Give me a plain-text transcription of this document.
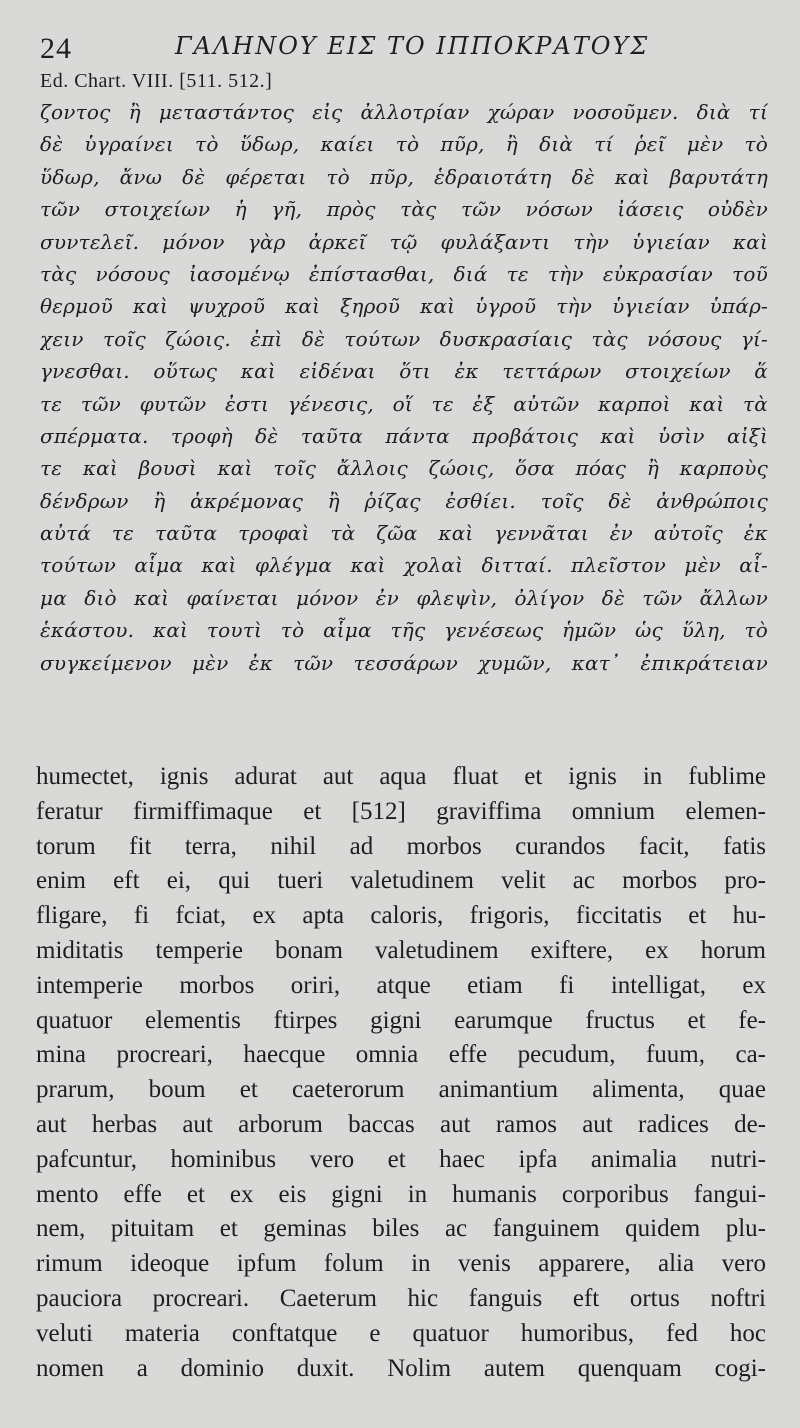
24	ΓΑΛΗΝΟΥ ΕΙΣ ΤΟ ΙΠΠΟΚΡΑΤΟΥΣ
Ed. Chart. VIII. [511. 512.]
ζοντος ἢ μεταστάντος εἰς ἀλλοτρίαν χώραν νοσοῦμεν. διὰ τί
δὲ ὑγραίνει τὸ ὕδωρ, καίει τὸ πῦρ, ἢ διὰ τί ῥεῖ μὲν τὸ
ὕδωρ, ἄνω δὲ φέρεται τὸ πῦρ, ἑδραιοτάτη δὲ καὶ βαρυτάτη
τῶν στοιχείων ἡ γῆ, πρὸς τὰς τῶν νόσων ἰάσεις οὐδὲν
συντελεῖ. μόνον γὰρ ἀρκεῖ τῷ φυλάξαντι τὴν ὑγιείαν καὶ
τὰς νόσους ἰασομένῳ ἐπίστασθαι, διά τε τὴν εὐκρασίαν τοῦ
θερμοῦ καὶ ψυχροῦ καὶ ξηροῦ καὶ ὑγροῦ τὴν ὑγιείαν ὑπάρ-
χειν τοῖς ζώοις. ἐπὶ δὲ τούτων δυσκρασίαις τὰς νόσους γί-
γνεσθαι. οὕτως καὶ εἰδέναι ὅτι ἐκ τεττάρων στοιχείων ἅ
τε τῶν φυτῶν ἐστι γένεσις, οἵ τε ἐξ αὐτῶν καρποὶ καὶ τὰ
σπέρματα. τροφὴ δὲ ταῦτα πάντα προβάτοις καὶ ὑσὶν αἰξὶ
τε καὶ βουσὶ καὶ τοῖς ἄλλοις ζώοις, ὅσα πόας ἢ καρποὺς
δένδρων ἢ ἀκρέμονας ἢ ῥίζας ἐσθίει. τοῖς δὲ ἀνθρώποις
αὐτά τε ταῦτα τροφαὶ τὰ ζῶα καὶ γεννᾶται ἐν αὐτοῖς ἐκ
τούτων αἷμα καὶ φλέγμα καὶ χολαὶ διτταί. πλεῖστον μὲν αἷ-
μα διὸ καὶ φαίνεται μόνον ἐν φλεψὶν, ὀλίγον δὲ τῶν ἄλλων
ἑκάστου. καὶ τουτὶ τὸ αἷμα τῆς γενέσεως ἡμῶν ὡς ὕλη, τὸ
συγκείμενον μὲν ἐκ τῶν τεσσάρων χυμῶν, κατ᾽ ἐπικράτειαν
humectet, ignis adurat aut aqua fluat et ignis in fublime
feratur firmiffimaque et [512] graviffima omnium elemen-
torum fit terra, nihil ad morbos curandos facit, fatis
enim eft ei, qui tueri valetudinem velit ac morbos pro-
fligare, fi fciat, ex apta caloris, frigoris, ficcitatis et hu-
miditatis temperie bonam valetudinem exiftere, ex horum
intemperie morbos oriri, atque etiam fi intelligat, ex
quatuor elementis ftirpes gigni earumque fructus et fe-
mina procreari, haecque omnia effe pecudum, fuum, ca-
prarum, boum et caeterorum animantium alimenta, quae
aut herbas aut arborum baccas aut ramos aut radices de-
pafcuntur, hominibus vero et haec ipfa animalia nutri-
mento effe et ex eis gigni in humanis corporibus fangui-
nem, pituitam et geminas biles ac fanguinem quidem plu-
rimum ideoque ipfum folum in venis apparere, alia vero
pauciora procreari. Caeterum hic fanguis eft ortus noftri
veluti materia conftatque e quatuor humoribus, fed hoc
nomen a dominio duxit. Nolim autem quenquam cogi-
